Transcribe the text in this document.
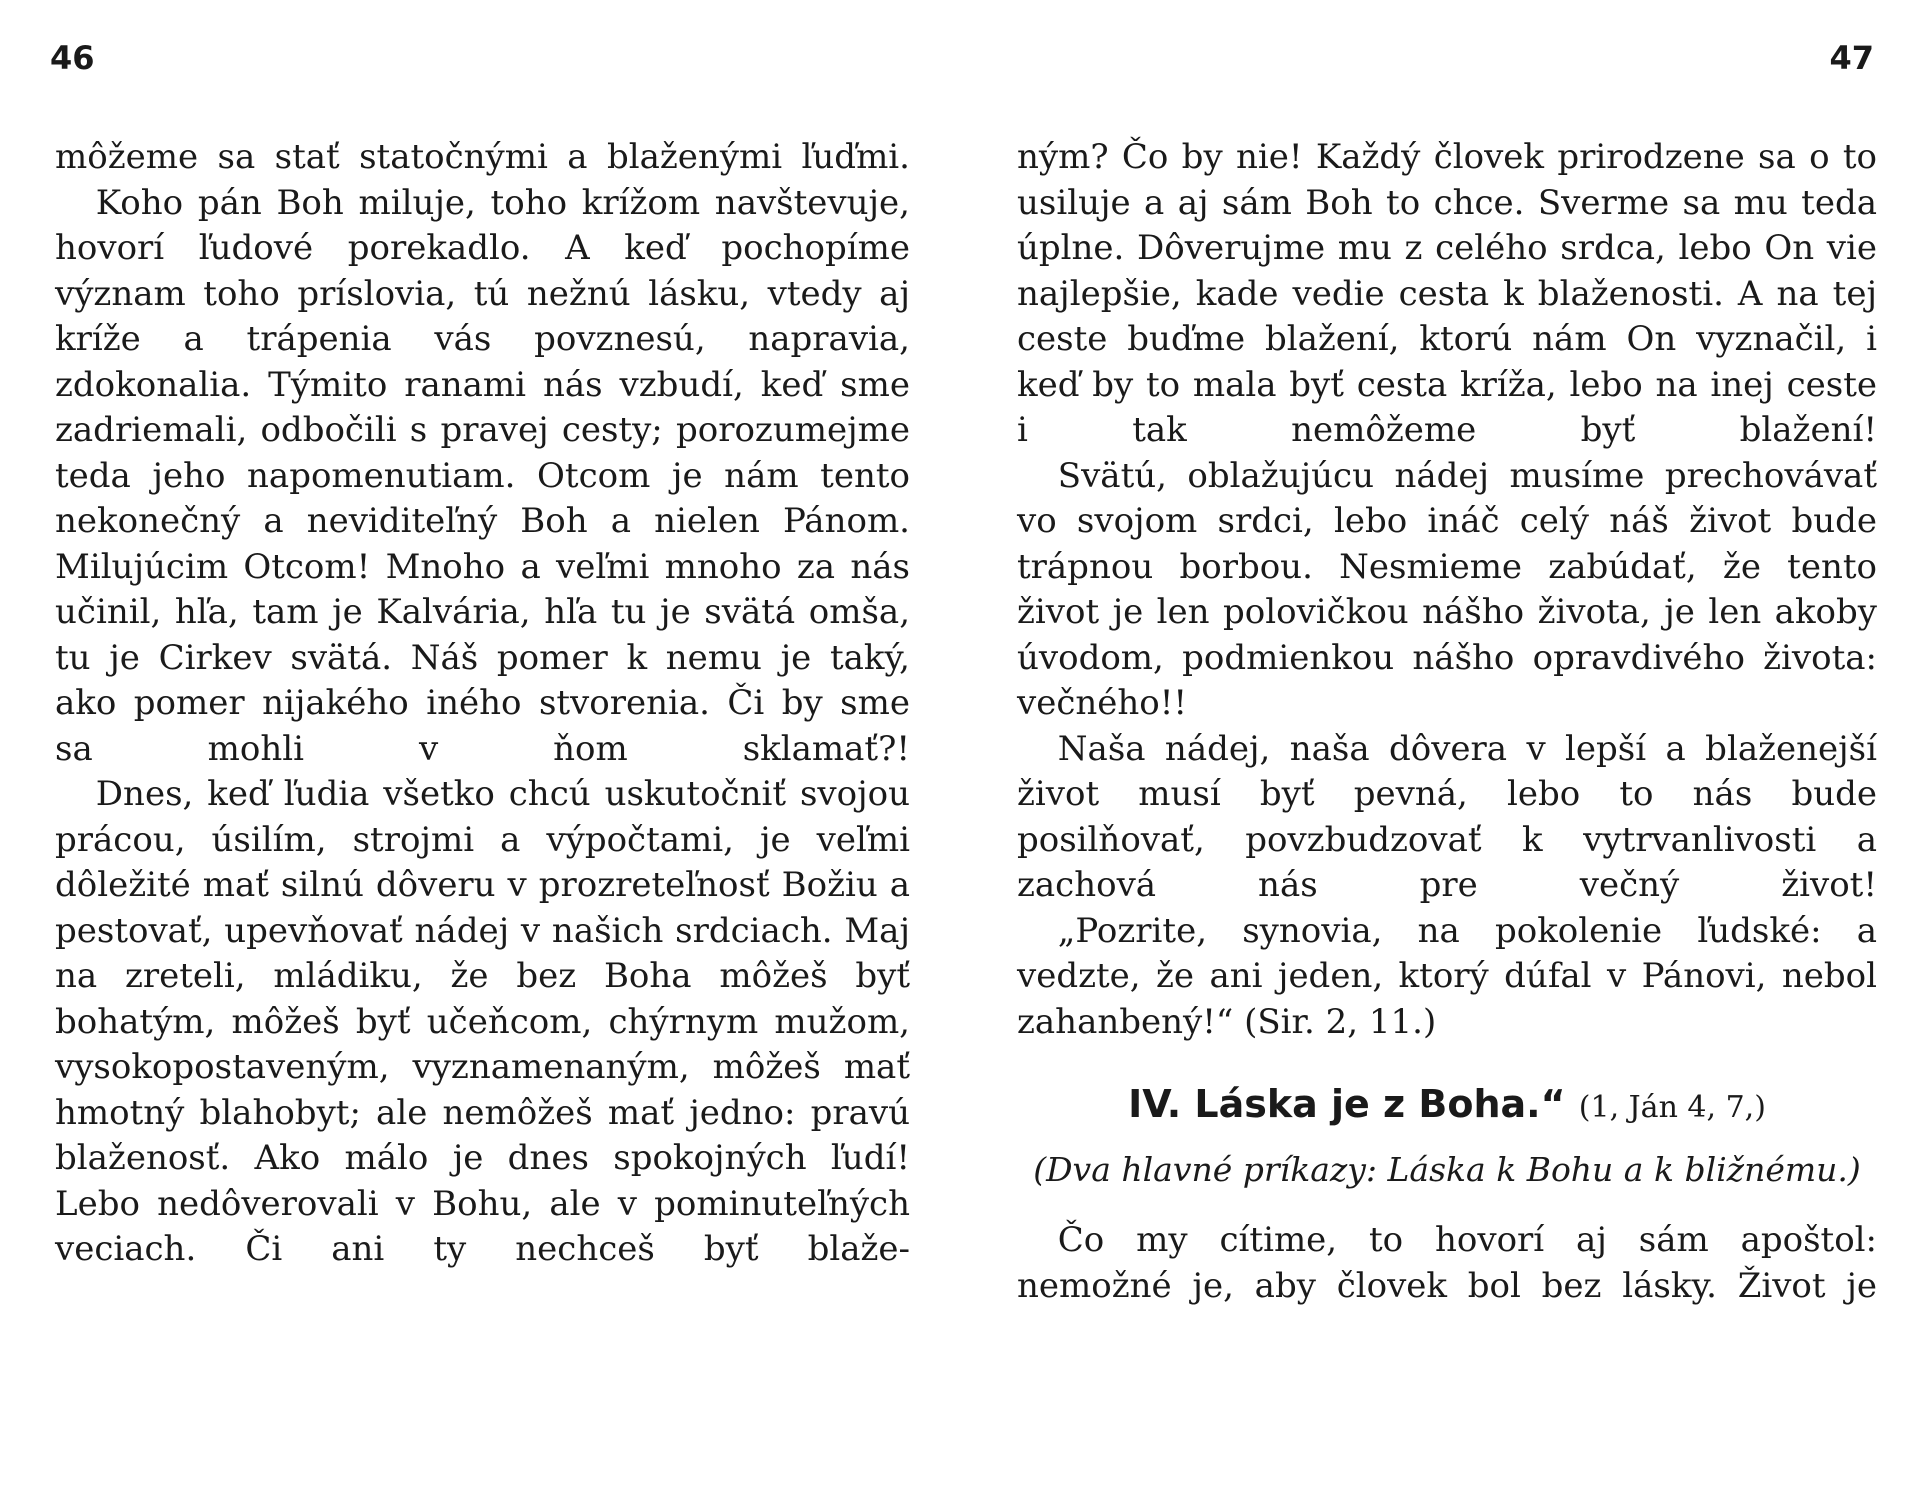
46

môžeme sa stať statočnými a blaženými ľuďmi.

Koho pán Boh miluje, toho krížom navštevuje, hovorí ľudové porekadlo. A keď pochopíme význam toho príslovia, tú nežnú lásku, vtedy aj kríže a trápenia vás povznesú, napravia, zdokonalia. Týmito ranami nás vzbudí, keď sme zadriemali, odbočili s pravej cesty; porozumejme teda jeho napomenutiam. Otcom je nám tento nekonečný a neviditeľný Boh a nielen Pánom. Milujúcim Otcom! Mnoho a veľmi mnoho za nás učinil, hľa, tam je Kalvária, hľa tu je svätá omša, tu je Cirkev svätá. Náš pomer k nemu je taký, ako pomer nijakého iného stvorenia. Či by sme sa mohli v ňom sklamať?!

Dnes, keď ľudia všetko chcú uskutočniť svojou prácou, úsilím, strojmi a výpočtami, je veľmi dôležité mať silnú dôveru v prozreteľnosť Božiu a pestovať, upevňovať nádej v našich srdciach. Maj na zreteli, mládiku, že bez Boha môžeš byť bohatým, môžeš byť učeňcom, chýrnym mužom, vysokopostaveným, vyznamenaným, môžeš mať hmotný blahobyt; ale nemôžeš mať jedno: pravú blaženosť. Ako málo je dnes spokojných ľudí! Lebo nedôverovali v Bohu, ale v pominuteľných veciach. Či ani ty nechceš byť blaže-

47

ným? Čo by nie! Každý človek prirodzene sa o to usiluje a aj sám Boh to chce. Sverme sa mu teda úplne. Dôverujme mu z celého srdca, lebo On vie najlepšie, kade vedie cesta k blaženosti. A na tej ceste buďme blažení, ktorú nám On vyznačil, i keď by to mala byť cesta kríža, lebo na inej ceste i tak nemôžeme byť blažení!

Svätú, oblažujúcu nádej musíme prechovávať vo svojom srdci, lebo ináč celý náš život bude trápnou borbou. Nesmieme zabúdať, že tento život je len polovičkou nášho života, je len akoby úvodom, podmienkou nášho opravdivého života: večného!!

Naša nádej, naša dôvera v lepší a blaženejší život musí byť pevná, lebo to nás bude posilňovať, povzbudzovať k vytrvanlivosti a zachová nás pre večný život!

„Pozrite, synovia, na pokolenie ľudské: a vedzte, že ani jeden, ktorý dúfal v Pánovi, nebol zahanbený!“ (Sir. 2, 11.)

IV. Láska je z Boha.“ (1, Ján 4, 7,)

(Dva hlavné príkazy: Láska k Bohu a k bližnému.)

Čo my cítime, to hovorí aj sám apoštol: nemožné je, aby človek bol bez lásky. Život je
